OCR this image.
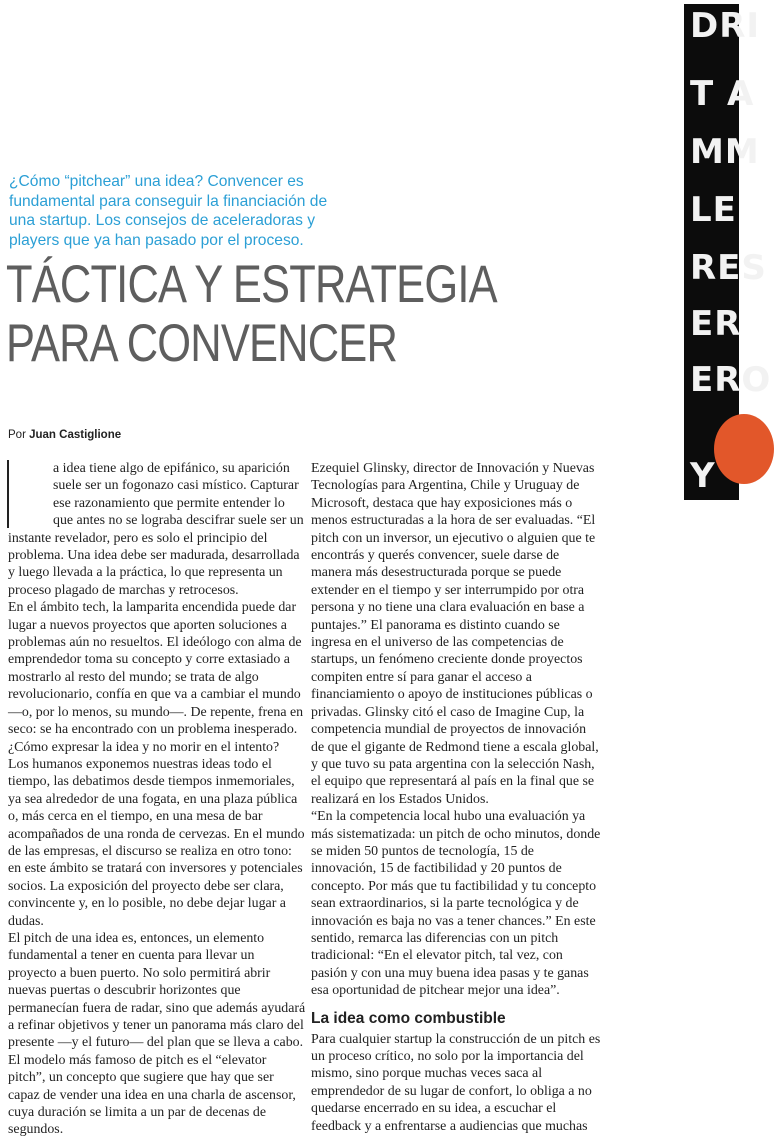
DRI
T A
MM
LE
RES
ER
ERO
Y

¿Cómo “pitchear” una idea? Convencer es fundamental para conseguir la financiación de una startup. Los consejos de aceleradoras y players que ya han pasado por el proceso.

TÁCTICA Y ESTRATEGIA
PARA CONVENCER
Por Juan Castiglione

a idea tiene algo de epifánico, su aparición suele ser un fogonazo casi místico. Capturar ese razonamiento que permite entender lo que antes no se lograba descifrar suele ser un instante revelador, pero es solo el principio del problema. Una idea debe ser madurada, desarrollada y luego llevada a la práctica, lo que representa un proceso plagado de marchas y retrocesos.

En el ámbito tech, la lamparita encendida puede dar lugar a nuevos proyectos que aporten soluciones a problemas aún no resueltos. El ideólogo con alma de emprendedor toma su concepto y corre extasiado a mostrarlo al resto del mundo; se trata de algo revolucionario, confía en que va a cambiar el mundo —o, por lo menos, su mundo—. De repente, frena en seco: se ha encontrado con un problema inesperado. ¿Cómo expresar la idea y no morir en el intento?

Los humanos exponemos nuestras ideas todo el tiempo, las debatimos desde tiempos inmemoriales, ya sea alrededor de una fogata, en una plaza pública o, más cerca en el tiempo, en una mesa de bar acompañados de una ronda de cervezas. En el mundo de las empresas, el discurso se realiza en otro tono: en este ámbito se tratará con inversores y potenciales socios. La exposición del proyecto debe ser clara, convincente y, en lo posible, no debe dejar lugar a dudas.

El pitch de una idea es, entonces, un elemento fundamental a tener en cuenta para llevar un proyecto a buen puerto. No solo permitirá abrir nuevas puertas o descubrir horizontes que permanecían fuera de radar, sino que además ayudará a refinar objetivos y tener un panorama más claro del presente —y el futuro— del plan que se lleva a cabo.

El modelo más famoso de pitch es el “elevator pitch”, un concepto que sugiere que hay que ser capaz de vender una idea en una charla de ascensor, cuya duración se limita a un par de decenas de segundos.

Ezequiel Glinsky, director de Innovación y Nuevas Tecnologías para Argentina, Chile y Uruguay de Microsoft, destaca que hay exposiciones más o menos estructuradas a la hora de ser evaluadas. “El pitch con un inversor, un ejecutivo o alguien que te encontrás y querés convencer, suele darse de manera más desestructurada porque se puede extender en el tiempo y ser interrumpido por otra persona y no tiene una clara evaluación en base a puntajes.” El panorama es distinto cuando se ingresa en el universo de las competencias de startups, un fenómeno creciente donde proyectos compiten entre sí para ganar el acceso a financiamiento o apoyo de instituciones públicas o privadas. Glinsky citó el caso de Imagine Cup, la competencia mundial de proyectos de innovación de que el gigante de Redmond tiene a escala global, y que tuvo su pata argentina con la selección Nash, el equipo que representará al país en la final que se realizará en los Estados Unidos.

“En la competencia local hubo una evaluación ya más sistematizada: un pitch de ocho minutos, donde se miden 50 puntos de tecnología, 15 de innovación, 15 de factibilidad y 20 puntos de concepto. Por más que tu factibilidad y tu concepto sean extraordinarios, si la parte tecnológica y de innovación es baja no vas a tener chances.” En este sentido, remarca las diferencias con un pitch tradicional: “En el elevator pitch, tal vez, con pasión y con una muy buena idea pasas y te ganas esa oportunidad de pitchear mejor una idea”.

La idea como combustible

Para cualquier startup la construcción de un pitch es un proceso crítico, no solo por la importancia del mismo, sino porque muchas veces saca al emprendedor de su lugar de confort, lo obliga a no quedarse encerrado en su idea, a escuchar el feedback y a enfrentarse a audiencias que muchas
